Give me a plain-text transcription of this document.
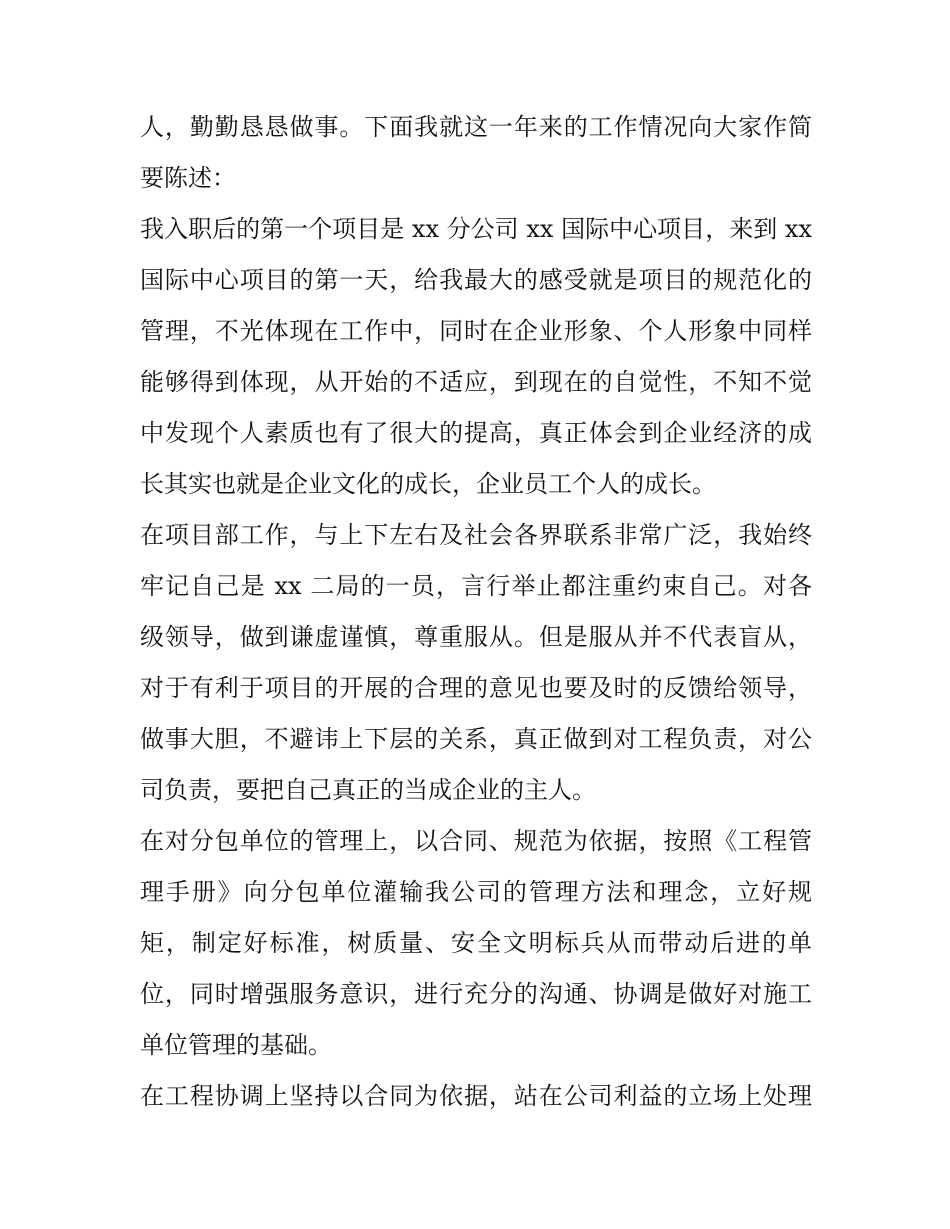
人，勤勤恳恳做事。下面我就这一年来的工作情况向大家作简
要陈述：
我入职后的第一个项目是 xx 分公司 xx 国际中心项目，来到 xx
国际中心项目的第一天，给我最大的感受就是项目的规范化的
管理，不光体现在工作中，同时在企业形象、个人形象中同样
能够得到体现，从开始的不适应，到现在的自觉性，不知不觉
中发现个人素质也有了很大的提高，真正体会到企业经济的成
长其实也就是企业文化的成长，企业员工个人的成长。
在项目部工作，与上下左右及社会各界联系非常广泛，我始终
牢记自己是 xx 二局的一员，言行举止都注重约束自己。对各
级领导，做到谦虚谨慎，尊重服从。但是服从并不代表盲从，
对于有利于项目的开展的合理的意见也要及时的反馈给领导，
做事大胆，不避讳上下层的关系，真正做到对工程负责，对公
司负责，要把自己真正的当成企业的主人。
在对分包单位的管理上，以合同、规范为依据，按照《工程管
理手册》向分包单位灌输我公司的管理方法和理念，立好规
矩，制定好标准，树质量、安全文明标兵从而带动后进的单
位，同时增强服务意识，进行充分的沟通、协调是做好对施工
单位管理的基础。
在工程协调上坚持以合同为依据，站在公司利益的立场上处理
